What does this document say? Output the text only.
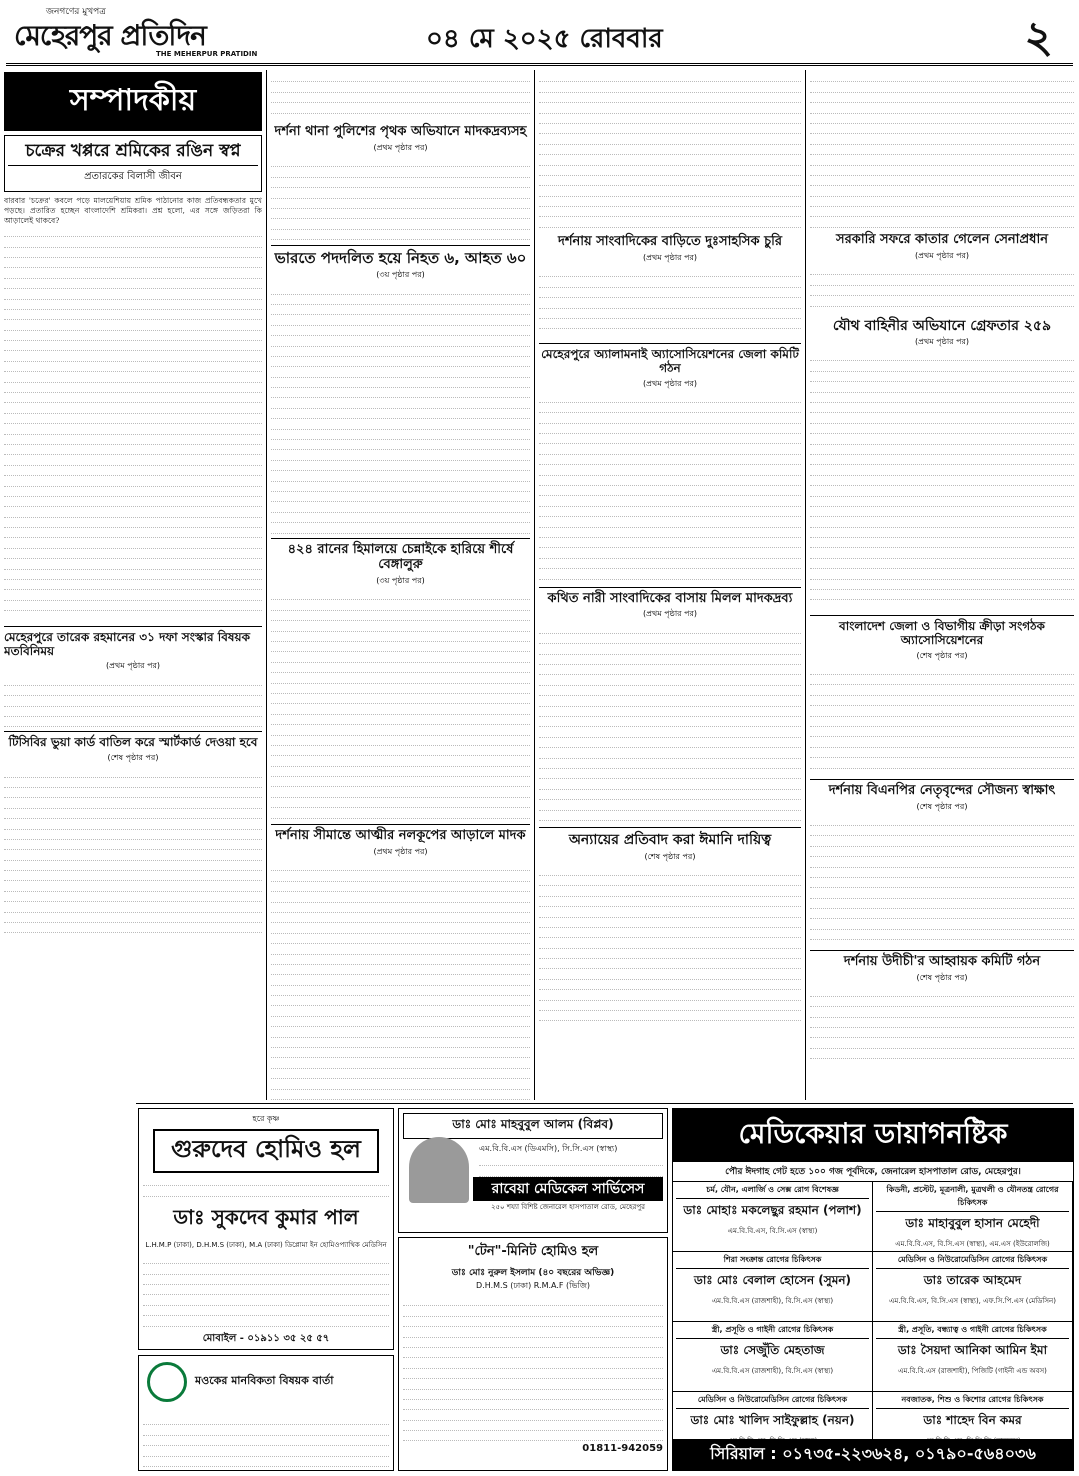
জনগণের মুখপত্র
মেহেরপুর প্রতিদিন
THE MEHERPUR PRATIDIN	০৪ মে ২০২৫ রোববার	২
সম্পাদকীয়
চক্রের খপ্পরে শ্রমিকের রঙিন স্বপ্ন
প্রতারকের বিলাসী জীবন

বারবার 'চক্রের' কবলে পড়ে মালয়েশিয়ায় শ্রমিক পাঠানোর কাজ প্রতিবন্ধকতার মুখে পড়ছে। প্রতারিত হচ্ছেন বাংলাদেশি শ্রমিকরা। প্রশ্ন হলো, এর সঙ্গে জড়িতরা কি আড়ালেই থাকবে?

মেহেরপুরে তারেক রহমানের ৩১ দফা সংস্কার বিষয়ক মতবিনিময়
(প্রথম পৃষ্ঠার পর)
টিসিবির ভুয়া কার্ড বাতিল করে স্মার্টকার্ড দেওয়া হবে
(শেষ পৃষ্ঠার পর)
দর্শনা থানা পুলিশের পৃথক অভিযানে মাদকদ্রব্যসহ
(প্রথম পৃষ্ঠার পর)
ভারতে পদদলিত হয়ে নিহত ৬, আহত ৬০
(৩য় পৃষ্ঠার পর)
৪২৪ রানের হিমালয়ে চেন্নাইকে হারিয়ে শীর্ষে বেঙ্গালুরু
(৩য় পৃষ্ঠার পর)
দর্শনায় সীমান্তে আত্মীর নলকূপের আড়ালে মাদক
(প্রথম পৃষ্ঠার পর)
দর্শনায় সাংবাদিকের বাড়িতে দুঃসাহসিক চুরি
(প্রথম পৃষ্ঠার পর)
মেহেরপুরে অ্যালামনাই অ্যাসোসিয়েশনের জেলা কমিটি গঠন
(প্রথম পৃষ্ঠার পর)
কথিত নারী সাংবাদিকের বাসায় মিলল মাদকদ্রব্য
(প্রথম পৃষ্ঠার পর)
অন্যায়ের প্রতিবাদ করা ঈমানি দায়িত্ব
(শেষ পৃষ্ঠার পর)
সরকারি সফরে কাতার গেলেন সেনাপ্রধান
(প্রথম পৃষ্ঠার পর)
যৌথ বাহিনীর অভিযানে গ্রেফতার ২৫৯
(প্রথম পৃষ্ঠার পর)
বাংলাদেশ জেলা ও বিভাগীয় ক্রীড়া সংগঠক অ্যাসোসিয়েশনের
(শেষ পৃষ্ঠার পর)
দর্শনায় বিএনপির নেতৃবৃন্দের সৌজন্য স্বাক্ষাৎ
(শেষ পৃষ্ঠার পর)
দর্শনায় উদীচী'র আহ্বায়ক কমিটি গঠন
(শেষ পৃষ্ঠার পর)
হরে কৃষ্ণ
গুরুদেব হোমিও হল
ডাঃ সুকদেব কুমার পাল
L.H.M.P (ঢাকা), D.H.M.S (ঢাকা), M.A (ঢাকা) ডিপ্লোমা ইন হোমিওপ্যাথিক মেডিসিন
মোবাইল - ০১৯১১ ৩৫ ২৫ ৫৭
মওকের মানবিকতা বিষয়ক বার্তা
ডাঃ মোঃ মাহবুবুল আলম (বিপ্লব)
এম.বি.বি.এস (ডিএমসি), সি.সি.এস (স্বাস্থ্য)
রাবেয়া মেডিকেল সার্ভিসেস
২৫০ শয্যা বিশিষ্ট জেনারেল হাসপাতাল রোড, মেহেরপুর
"টেন"-মিনিট হোমিও হল
ডাঃ মোঃ নুরুল ইসলাম (৪০ বছরের অভিজ্ঞ)
D.H.M.S (ঢাকা) R.M.A.F (ভিজি)
01811-942059
মেডিকেয়ার ডায়াগনষ্টিক
পৌর ঈদগাহ গেট হতে ১০০ গজ পূর্বদিকে, জেনারেল হাসপাতাল রোড, মেহেরপুর।
চর্ম, যৌন, এলার্জি ও সেক্স রোগ বিশেষজ্ঞ
ডাঃ মোহাঃ মকলেছুর রহমান (পলাশ)
এম.বি.বি.এস, বি.সি.এস (স্বাস্থ্য)
কিডনী, প্রস্টেট, মূত্রনালী, মুত্রথলী ও যৌনতন্ত্র রোগের চিকিৎসক
ডাঃ মাহাবুবুল হাসান মেহেদী
এম.বি.বি.এস, বি.সি.এস (স্বাস্থ্য), এম.এস (ইউরোলজি)
শিরা সংক্রান্ত রোগের চিকিৎসক
ডাঃ মোঃ বেলাল হোসেন (সুমন)
এম.বি.বি.এস (রাজশাহী), বি.সি.এস (স্বাস্থ্য)
মেডিসিন ও নিউরোমেডিসিন রোগের চিকিৎসক
ডাঃ তারেক আহমেদ
এম.বি.বি.এস, বি.সি.এস (স্বাস্থ্য), এফ.সি.পি.এস (মেডিসিন)
স্ত্রী, প্রসূতি ও গাইনী রোগের চিকিৎসক
ডাঃ সেজুঁতি মেহতাজ
এম.বি.বি.এস (রাজশাহী), বি.সি.এস (স্বাস্থ্য)
স্ত্রী, প্রসূতি, বন্ধ্যাত্ব ও গাইনী রোগের চিকিৎসক
ডাঃ সৈয়দা আনিকা আমিন ইমা
এম.বি.বি.এস (রাজশাহী), পিজিটি (গাইনী এন্ড অবস)
মেডিসিন ও নিউরোমেডিসিন রোগের চিকিৎসক
ডাঃ মোঃ খালিদ সাইফুল্লাহ (নয়ন)
নবজাতক, শিশু ও কিশোর রোগের চিকিৎসক
ডাঃ শাহেদ বিন কমর
সিরিয়াল : ০১৭৩৫-২২৩৬২৪, ০১৭৯০-৫৬৪০৩৬
